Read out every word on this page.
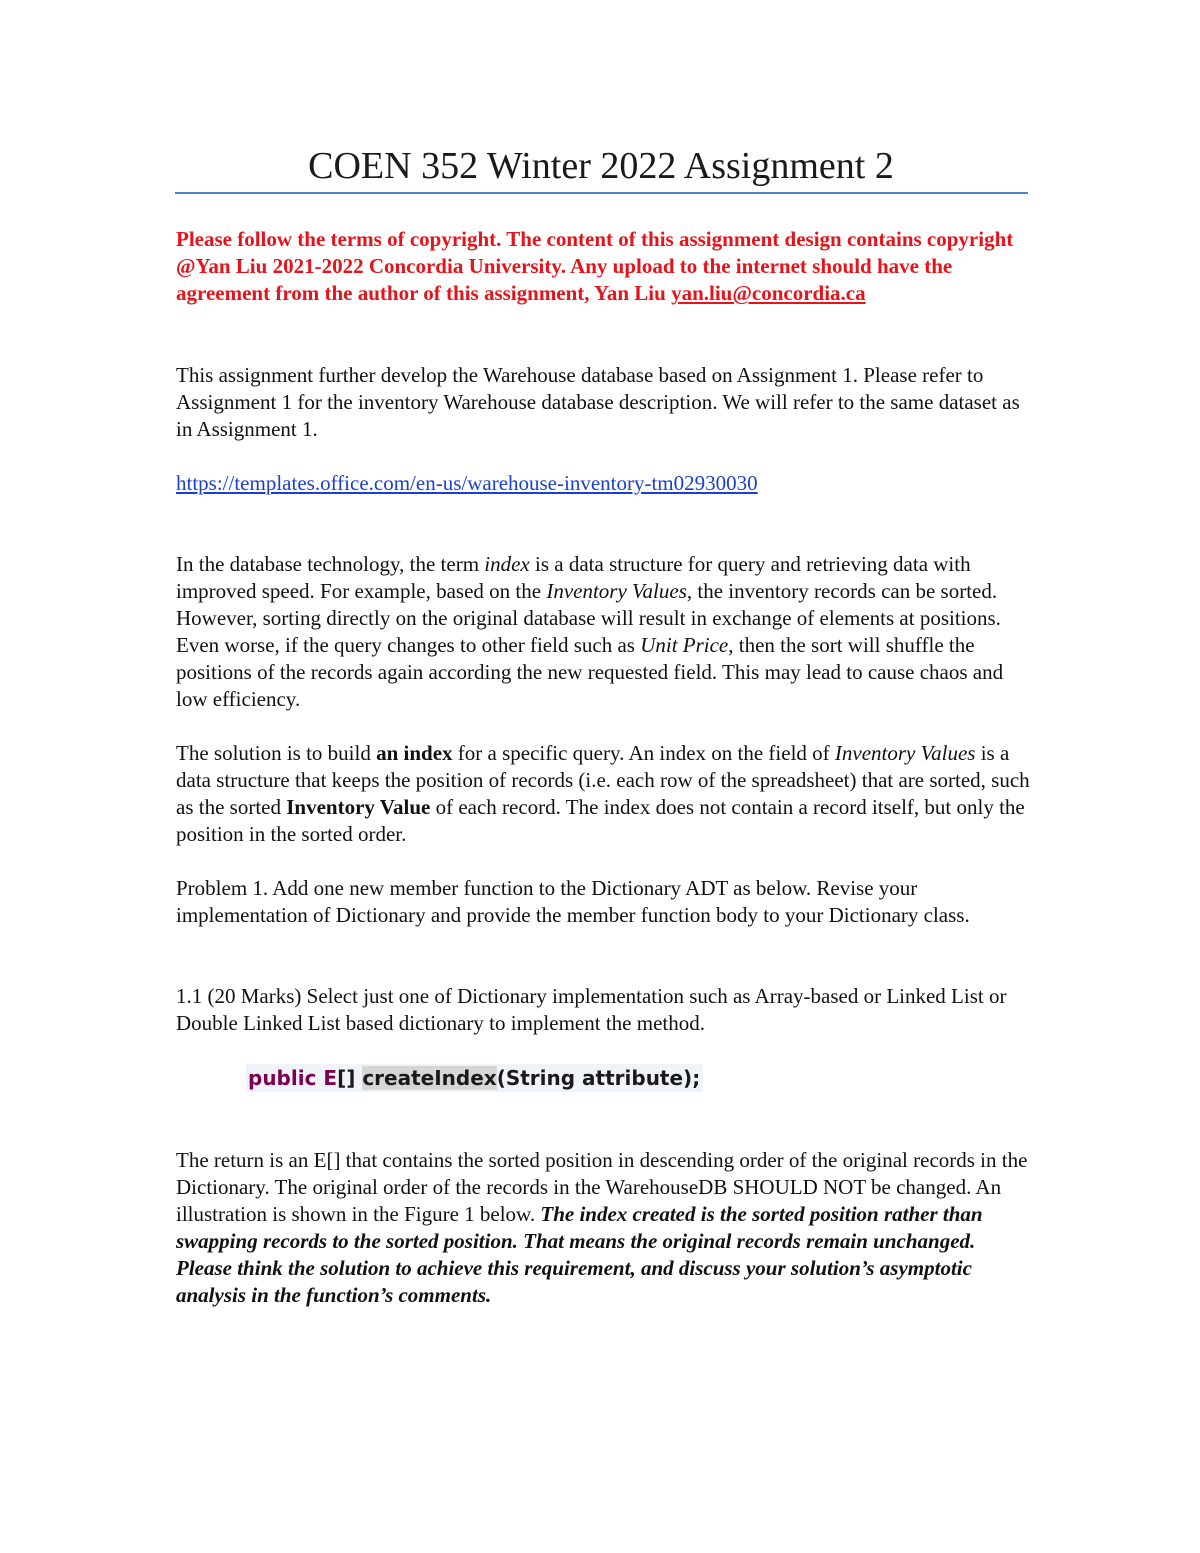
COEN 352 Winter 2022 Assignment 2
Please follow the terms of copyright. The content of this assignment design contains copyright @Yan Liu 2021-2022 Concordia University. Any upload to the internet should have the agreement from the author of this assignment, Yan Liu yan.liu@concordia.ca
This assignment further develop the Warehouse database based on Assignment 1. Please refer to Assignment 1 for the inventory Warehouse database description. We will refer to the same dataset as in Assignment 1.
https://templates.office.com/en-us/warehouse-inventory-tm02930030
In the database technology, the term index is a data structure for query and retrieving data with improved speed. For example, based on the Inventory Values, the inventory records can be sorted. However, sorting directly on the original database will result in exchange of elements at positions. Even worse, if the query changes to other field such as Unit Price, then the sort will shuffle the positions of the records again according the new requested field. This may lead to cause chaos and low efficiency.
The solution is to build an index for a specific query. An index on the field of Inventory Values is a data structure that keeps the position of records (i.e. each row of the spreadsheet) that are sorted, such as the sorted Inventory Value of each record. The index does not contain a record itself, but only the position in the sorted order.
Problem 1. Add one new member function to the Dictionary ADT as below. Revise your implementation of Dictionary and provide the member function body to your Dictionary class.
1.1 (20 Marks) Select just one of Dictionary implementation such as Array-based or Linked List or Double Linked List based dictionary to implement the method.
public E[] createIndex(String attribute);
The return is an E[] that contains the sorted position in descending order of the original records in the Dictionary. The original order of the records in the WarehouseDB SHOULD NOT be changed. An illustration is shown in the Figure 1 below. The index created is the sorted position rather than swapping records to the sorted position. That means the original records remain unchanged. Please think the solution to achieve this requirement, and discuss your solution’s asymptotic analysis in the function’s comments.
